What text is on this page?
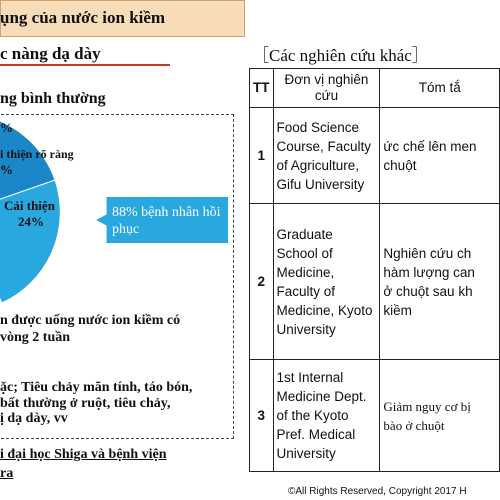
ụng của nước ion kiềm
c nàng dạ dày
ng bình thường
%
i thiện rõ ràng
%
Cải thiện
24%
88% bệnh nhân hồi phục
n được uống nước ion kiềm có
vòng 2 tuần
ặc; Tiêu chảy mãn tính, táo bón,
bất thường ở ruột, tiêu chảy,
ị dạ dày, vv
i đại học Shiga và bệnh viện
ra
［Các nghiên cứu khác］
TT	Đơn vị nghiên cứu	Tóm tắ
1	Food Science Course, Faculty of Agriculture, Gifu University	ức chế lên men
chuột

2	Graduate School of Medicine, Faculty of Medicine, Kyoto University	Nghiên cứu ch
hàm lượng can
ở chuột sau kh
kiềm

3	1st Internal Medicine Dept. of the Kyoto Pref. Medical University	Giảm nguy cơ bị
bào ở chuột
©All Rights Reserved, Copyright 2017 H
